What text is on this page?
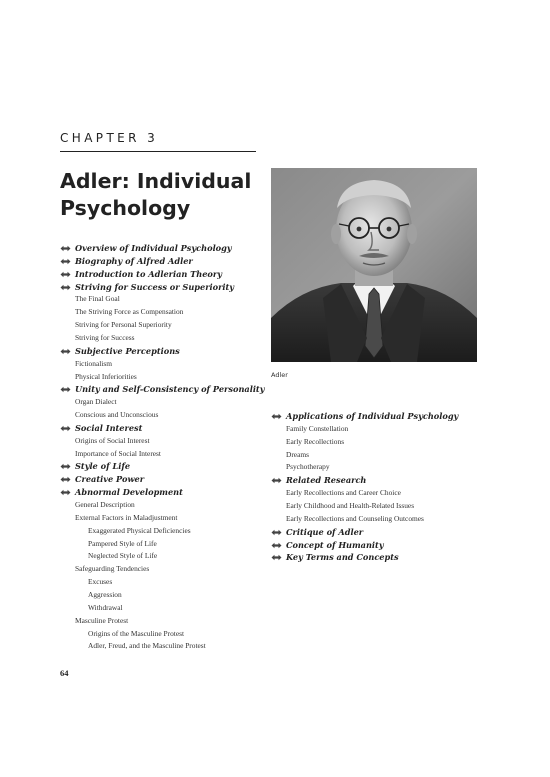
CHAPTER 3
Adler: Individual
Psychology
Adler
Overview of Individual Psychology
Biography of Alfred Adler
Introduction to Adlerian Theory
Striving for Success or Superiority
The Final Goal
The Striving Force as Compensation
Striving for Personal Superiority
Striving for Success
Subjective Perceptions
Fictionalism
Physical Inferiorities
Unity and Self-Consistency of Personality
Organ Dialect
Conscious and Unconscious
Social Interest
Origins of Social Interest
Importance of Social Interest
Style of Life
Creative Power
Abnormal Development
General Description
External Factors in Maladjustment
Exaggerated Physical Deficiencies
Pampered Style of Life
Neglected Style of Life
Safeguarding Tendencies
Excuses
Aggression
Withdrawal
Masculine Protest
Origins of the Masculine Protest
Adler, Freud, and the Masculine Protest
Applications of Individual Psychology
Family Constellation
Early Recollections
Dreams
Psychotherapy
Related Research
Early Recollections and Career Choice
Early Childhood and Health-Related Issues
Early Recollections and Counseling Outcomes
Critique of Adler
Concept of Humanity
Key Terms and Concepts
64
